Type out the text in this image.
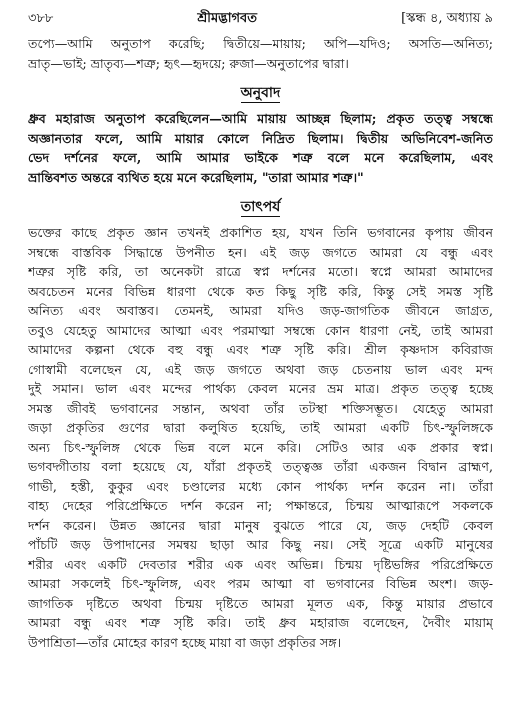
৩৮৮	শ্রীমদ্ভাগবত	[স্কন্ধ ৪, অধ্যায় ৯
তপ্যে—আমি অনুতাপ করেছি; দ্বিতীয়ে—মায়ায়; অপি—যদিও; অসতি—অনিত্য;
ভ্রাতৃ—ভাই; ভ্রাতৃব্য—শত্রু; হৃৎ—হৃদয়ে; রুজা—অনুতাপের দ্বারা।
অনুবাদ
ধ্রুব মহারাজ অনুতাপ করেছিলেন—আমি মায়ায় আচ্ছন্ন ছিলাম; প্রকৃত তত্ত্ব সম্বন্ধে
অজ্ঞানতার ফলে, আমি মায়ার কোলে নিদ্রিত ছিলাম। দ্বিতীয় অভিনিবেশ-জনিত
ভেদ দর্শনের ফলে, আমি আমার ভাইকে শত্রু বলে মনে করেছিলাম, এবং
ভ্রান্তিবশত অন্তরে ব্যথিত হয়ে মনে করেছিলাম, "তারা আমার শত্রু।"
তাৎপর্য
ভক্তের কাছে প্রকৃত জ্ঞান তখনই প্রকাশিত হয়, যখন তিনি ভগবানের কৃপায় জীবন
সম্বন্ধে বাস্তবিক সিদ্ধান্তে উপনীত হন। এই জড় জগতে আমরা যে বন্ধু এবং
শত্রুর সৃষ্টি করি, তা অনেকটা রাত্রে স্বপ্ন দর্শনের মতো। স্বপ্নে আমরা আমাদের
অবচেতন মনের বিভিন্ন ধারণা থেকে কত কিছু সৃষ্টি করি, কিন্তু সেই সমস্ত সৃষ্টি
অনিত্য এবং অবাস্তব। তেমনই, আমরা যদিও জড়-জাগতিক জীবনে জাগ্রত,
তবুও যেহেতু আমাদের আত্মা এবং পরমাত্মা সম্বন্ধে কোন ধারণা নেই, তাই আমরা
আমাদের কল্পনা থেকে বহু বন্ধু এবং শত্রু সৃষ্টি করি। শ্রীল কৃষ্ণদাস কবিরাজ
গোস্বামী বলেছেন যে, এই জড় জগতে অথবা জড় চেতনায় ভাল এবং মন্দ
দুই সমান। ভাল এবং মন্দের পার্থক্য কেবল মনের ভ্রম মাত্র। প্রকৃত তত্ত্ব হচ্ছে
সমস্ত জীবই ভগবানের সন্তান, অথবা তাঁর তটস্থা শক্তিসম্ভূত। যেহেতু আমরা
জড়া প্রকৃতির গুণের দ্বারা কলুষিত হয়েছি, তাই আমরা একটি চিৎ-স্ফুলিঙ্গকে
অন্য চিৎ-স্ফুলিঙ্গ থেকে ভিন্ন বলে মনে করি। সেটিও আর এক প্রকার স্বপ্ন।
ভগবদ্গীতায় বলা হয়েছে যে, যাঁরা প্রকৃতই তত্ত্বজ্ঞ তাঁরা একজন বিদ্বান ব্রাহ্মণ,
গাভী, হস্তী, কুকুর এবং চণ্ডালের মধ্যে কোন পার্থক্য দর্শন করেন না। তাঁরা
বাহ্য দেহের পরিপ্রেক্ষিতে দর্শন করেন না; পক্ষান্তরে, চিন্ময় আত্মারূপে সকলকে
দর্শন করেন। উন্নত জ্ঞানের দ্বারা মানুষ বুঝতে পারে যে, জড় দেহটি কেবল
পাঁচটি জড় উপাদানের সমন্বয় ছাড়া আর কিছু নয়। সেই সূত্রে একটি মানুষের
শরীর এবং একটি দেবতার শরীর এক এবং অভিন্ন। চিন্ময় দৃষ্টিভঙ্গির পরিপ্রেক্ষিতে
আমরা সকলেই চিৎ-স্ফুলিঙ্গ, এবং পরম আত্মা বা ভগবানের বিভিন্ন অংশ। জড়-
জাগতিক দৃষ্টিতে অথবা চিন্ময় দৃষ্টিতে আমরা মূলত এক, কিন্তু মায়ার প্রভাবে
আমরা বন্ধু এবং শত্রু সৃষ্টি করি। তাই ধ্রুব মহারাজ বলেছেন, দৈবীং মায়াম্
উপাশ্রিতা—তাঁর মোহের কারণ হচ্ছে মায়া বা জড়া প্রকৃতির সঙ্গ।
